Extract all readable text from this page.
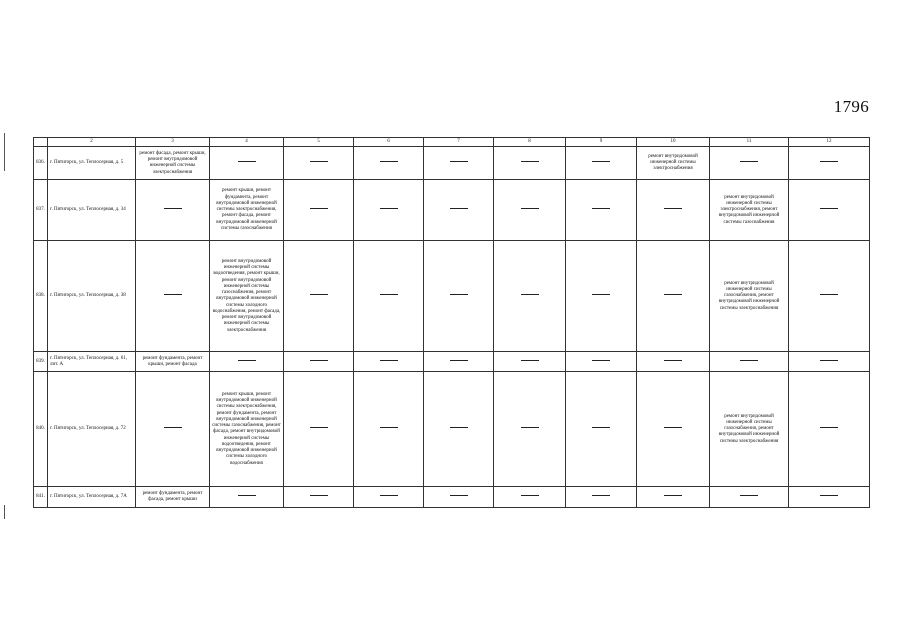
1796
	2	3	4	5	6	7	8	9	10	11	12
836.	г. Пятигорск, ул. Теплосерная, д. 5	ремонт фасада, ремонт крыши, ремонт внутридомовой инженерной системы электроснабжения							ремонт внутридомовой инженерной системы электроснабжения		
837.	г. Пятигорск, ул. Теплосерная, д. 34		ремонт крыши, ремонт фундамента, ремонт внутридомовой инженерной системы электроснабжения, ремонт фасада, ремонт внутридомовой инженерной системы газоснабжения							ремонт внутридомовой инженерной системы электроснабжения, ремонт внутридомовой инженерной системы газоснабжения	
838.	г. Пятигорск, ул. Теплосерная, д. 38		ремонт внутридомовой инженерной системы водоотведения, ремонт крыши, ремонт внутридомовой инженерной системы газоснабжения, ремонт внутридомовой инженерной системы холодного водоснабжения, ремонт фасада, ремонт внутридомовой инженерной системы электроснабжения							ремонт внутридомовой инженерной системы газоснабжения, ремонт внутридомовой инженерной системы электроснабжения	
839.	г. Пятигорск, ул. Теплосерная, д. 61, лит. А	ремонт фундамента, ремонт крыши, ремонт фасада									
840.	г. Пятигорск, ул. Теплосерная, д. 72		ремонт крыши, ремонт внутридомовой инженерной системы электроснабжения, ремонт фундамента, ремонт внутридомовой инженерной системы газоснабжения, ремонт фасада, ремонт внутридомовой инженерной системы водоотведения, ремонт внутридомовой инженерной системы холодного водоснабжения							ремонт внутридомовой инженерной системы газоснабжения, ремонт внутридомовой инженерной системы электроснабжения	
841.	г. Пятигорск, ул. Теплосерная, д. 7А	ремонт фундамента, ремонт фасада, ремонт крыши									
